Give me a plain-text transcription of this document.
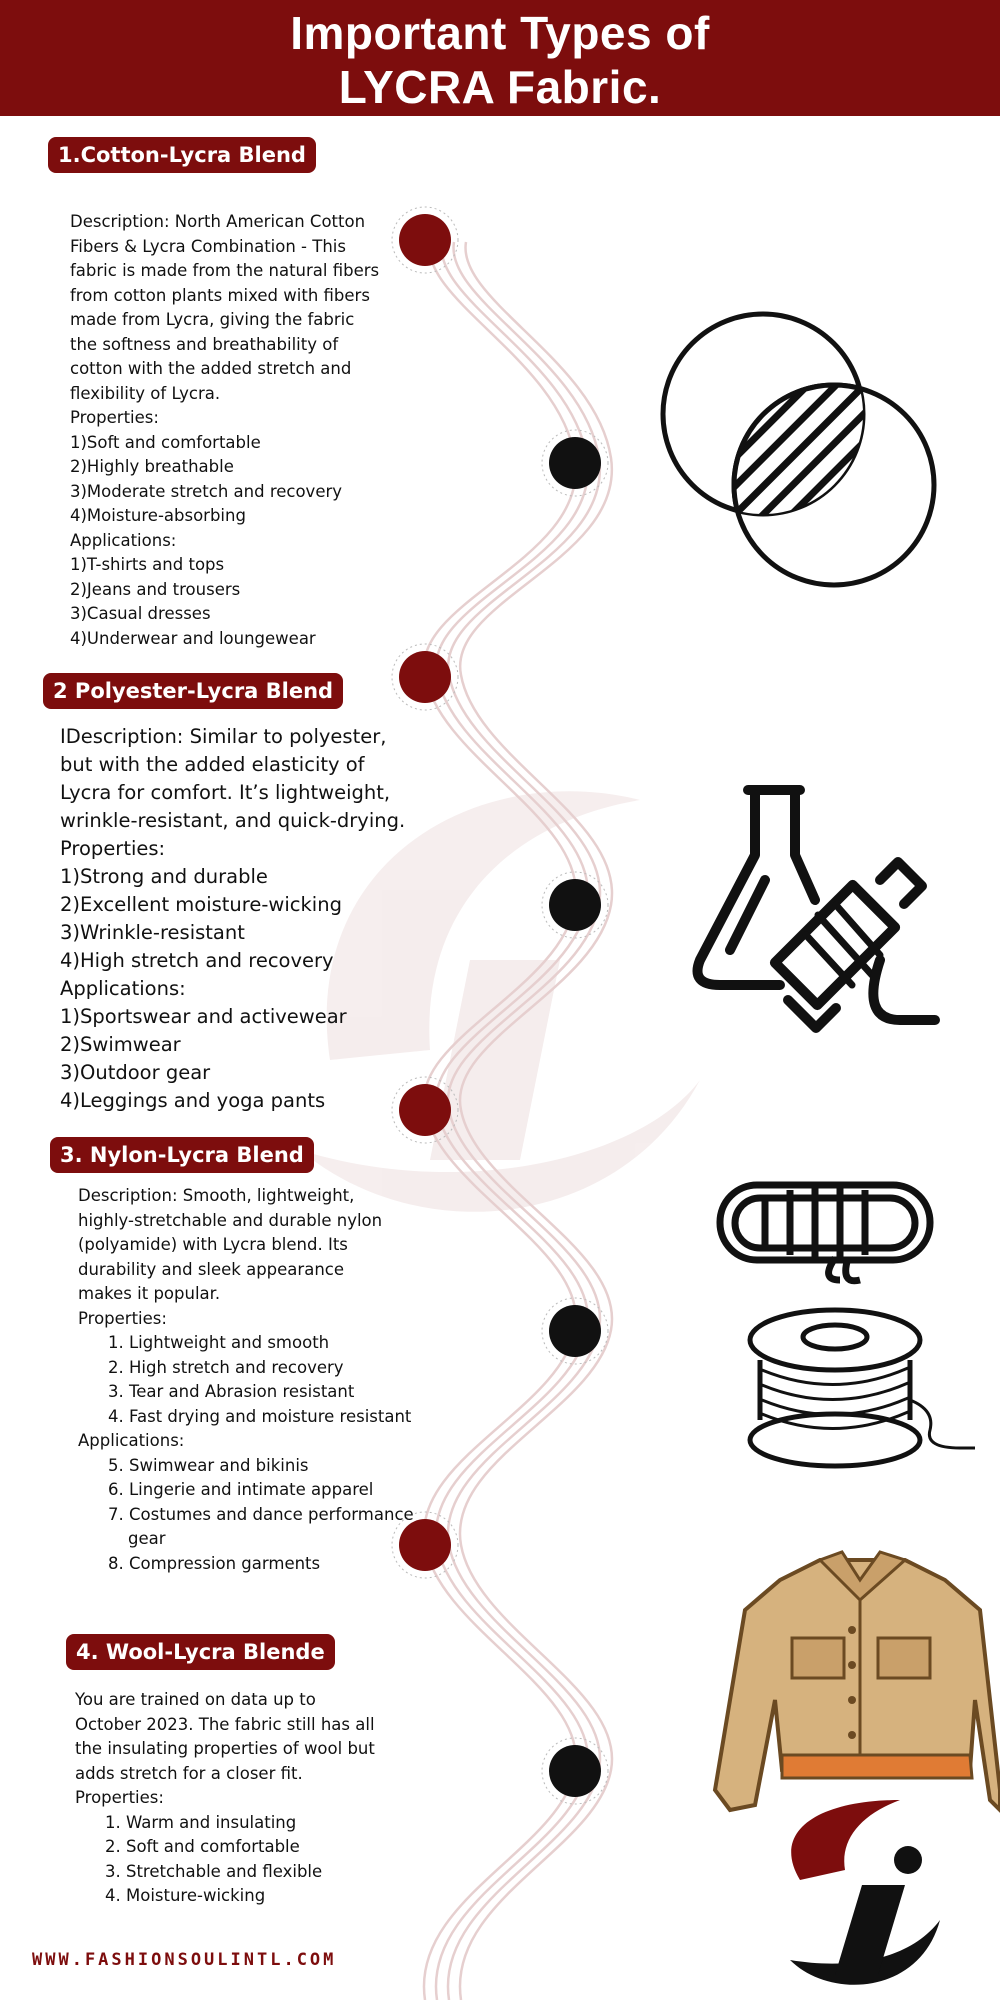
Important Types of
LYCRA Fabric.
1.Cotton-Lycra Blend
Description: North American Cotton
Fibers & Lycra Combination - This
fabric is made from the natural fibers
from cotton plants mixed with fibers
made from Lycra, giving the fabric
the softness and breathability of
cotton with the added stretch and
flexibility of Lycra.
Properties:
1)Soft and comfortable
2)Highly breathable
3)Moderate stretch and recovery
4)Moisture-absorbing
Applications:
1)T-shirts and tops
2)Jeans and trousers
3)Casual dresses
4)Underwear and loungewear
2 Polyester-Lycra Blend
IDescription: Similar to polyester,
but with the added elasticity of
Lycra for comfort. It’s lightweight,
wrinkle-resistant, and quick-drying.
Properties:
1)Strong and durable
2)Excellent moisture-wicking
3)Wrinkle-resistant
4)High stretch and recovery
Applications:
1)Sportswear and activewear
2)Swimwear
3)Outdoor gear
4)Leggings and yoga pants
3. Nylon-Lycra Blend
Description: Smooth, lightweight,
highly-stretchable and durable nylon
(polyamide) with Lycra blend. Its
durability and sleek appearance
makes it popular.
Properties:
1. Lightweight and smooth
2. High stretch and recovery
3. Tear and Abrasion resistant
4. Fast drying and moisture resistant
Applications:
5. Swimwear and bikinis
6. Lingerie and intimate apparel
7. Costumes and dance performance
gear
8. Compression garments
4. Wool-Lycra Blende
You are trained on data up to
October 2023. The fabric still has all
the insulating properties of wool but
adds stretch for a closer fit.
Properties:
1. Warm and insulating
2. Soft and comfortable
3. Stretchable and flexible
4. Moisture-wicking
WWW.FASHIONSOULINTL.COM
